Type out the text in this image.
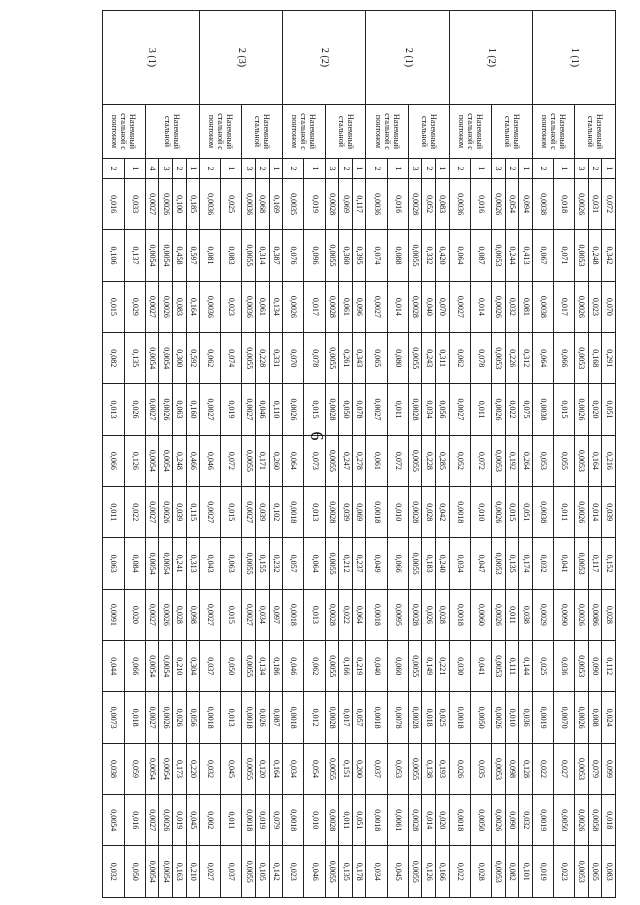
6
1 (1)	Наземный стальной	1	0,072	0,342	0,070	0,291	0,051	0,216	0,039	0,152	0,028	0,112	0,024	0,099	0,018	0,083
		2	0,031	0,248	0,023	0,168	0,020	0,164	0,014	0,117	0,0086	0,090	0,008	0,079	0,0058	0,065
		3	0,0026	0,0053	0,0026	0,0053	0,0026	0,0053	0,0026	0,0053	0,0026	0,0053	0,0026	0,0053	0,0026	0,0053
	Наземный стальной с понтоном	1	0,018	0,071	0,017	0,066	0,015	0,055	0,011	0,041	0,0090	0,036	0,0070	0,027	0,0050	0,023
		2	0,0038	0,067	0,0038	0,064	0,0038	0,053	0,0038	0,032	0,0029	0,025	0,0019	0,022	0,0019	0,019
1 (2)	Наземный стальной	1	0,094	0,413	0,081	0,312	0,075	0,264	0,051	0,174	0,038	0,144	0,036	0,128	0,032	0,101
		2	0,054	0,244	0,032	0,226	0,022	0,192	0,015	0,135	0,011	0,111	0,010	0,098	0,090	0,082
		3	0,0026	0,0053	0,0026	0,0053	0,0026	0,0053	0,0026	0,0053	0,0026	0,0053	0,0026	0,0053	0,0026	0,0053
	Наземный стальной с понтоном	1	0,016	0,087	0,014	0,078	0,011	0,072	0,010	0,047	0,0060	0,041	0,0050	0,035	0,0050	0,028
		2	0,0036	0,064	0,0027	0,062	0,0027	0,052	0,0018	0,034	0,0018	0,030	0,0018	0,026	0,0018	0,022
2 (1)	Наземный стальной	1	0,083	0,420	0,070	0,311	0,056	0,285	0,042	0,240	0,028	0,221	0,025	0,193	0,020	0,166
		2	0,052	0,332	0,040	0,243	0,034	0,228	0,028	0,183	0,026	0,149	0,018	0,138	0,014	0,126
		3	0,0028	0,0055	0,0028	0,0055	0,0028	0,0055	0,0028	0,0055	0,0028	0,0055	0,0028	0,0055	0,0028	0,0055
	Наземный стальной с понтоном	1	0,016	0,088	0,014	0,080	0,011	0,072	0,010	0,066	0,0095	0,060	0,0078	0,053	0,0061	0,045
		2	0,0036	0,074	0,0027	0,065	0,0027	0,061	0,0018	0,049	0,0018	0,040	0,0018	0,037	0,0018	0,034
2 (2)	Наземный стальной	1	0,117	0,395	0,096	0,343	0,078	0,278	0,069	0,237	0,064	0,219	0,057	0,200	0,051	0,178
		2	0,069	0,360	0,061	0,261	0,050	0,247	0,039	0,212	0,022	0,166	0,017	0,151	0,011	0,135
		3	0,0028	0,0055	0,0028	0,0055	0,0028	0,0055	0,0028	0,0055	0,0028	0,0055	0,0028	0,0055	0,0028	0,0055
	Наземный стальной с понтоном	1	0,019	0,096	0,017	0,078	0,015	0,073	0,013	0,064	0,013	0,062	0,012	0,054	0,010	0,046
		2	0,0035	0,076	0,0026	0,070	0,0026	0,064	0,0018	0,057	0,0018	0,046	0,0018	0,034	0,0018	0,023
2 (3)	Наземный стальной	1	0,169	0,387	0,134	0,331	0,110	0,260	0,102	0,232	0,097	0,186	0,087	0,164	0,079	0,142
		2	0,068	0,314	0,061	0,228	0,046	0,171	0,039	0,155	0,034	0,134	0,026	0,120	0,019	0,105
		3	0,0036	0,0055	0,0036	0,0055	0,0027	0,0055	0,0027	0,0055	0,0027	0,0055	0,0018	0,0055	0,0018	0,0055
	Наземный стальной с понтоном	1	0,025	0,083	0,023	0,074	0,019	0,072	0,015	0,063	0,015	0,050	0,013	0,045	0,011	0,037
		2	0,0036	0,081	0,0036	0,062	0,0027	0,046	0,0027	0,043	0,0027	0,037	0,0018	0,032	0,002	0,027
3 (1)	Наземный стальной	1	0,185	0,597	0,164	0,592	0,160	0,466	0,115	0,313	0,098	0,304	0,056	0,220	0,045	0,210
		2	0,100	0,458	0,083	0,300	0,063	0,248	0,039	0,241	0,028	0,210	0,026	0,173	0,019	0,163
		3	0,0026	0,0054	0,0026	0,0054	0,0026	0,0054	0,0026	0,0054	0,0026	0,0054	0,0026	0,0054	0,0026	0,0054
		4	0,0027	0,0054	0,0027	0,0054	0,0027	0,0054	0,0027	0,0054	0,0027	0,0054	0,0027	0,0054	0,0027	0,0054
	Наземный стальной с понтоном	1	0,033	0,137	0,029	0,135	0,026	0,126	0,022	0,084	0,020	0,066	0,018	0,059	0,016	0,050
		2	0,016	0,106	0,015	0,082	0,013	0,066	0,011	0,063	0,0091	0,044	0,0073	0,038	0,0054	0,032
